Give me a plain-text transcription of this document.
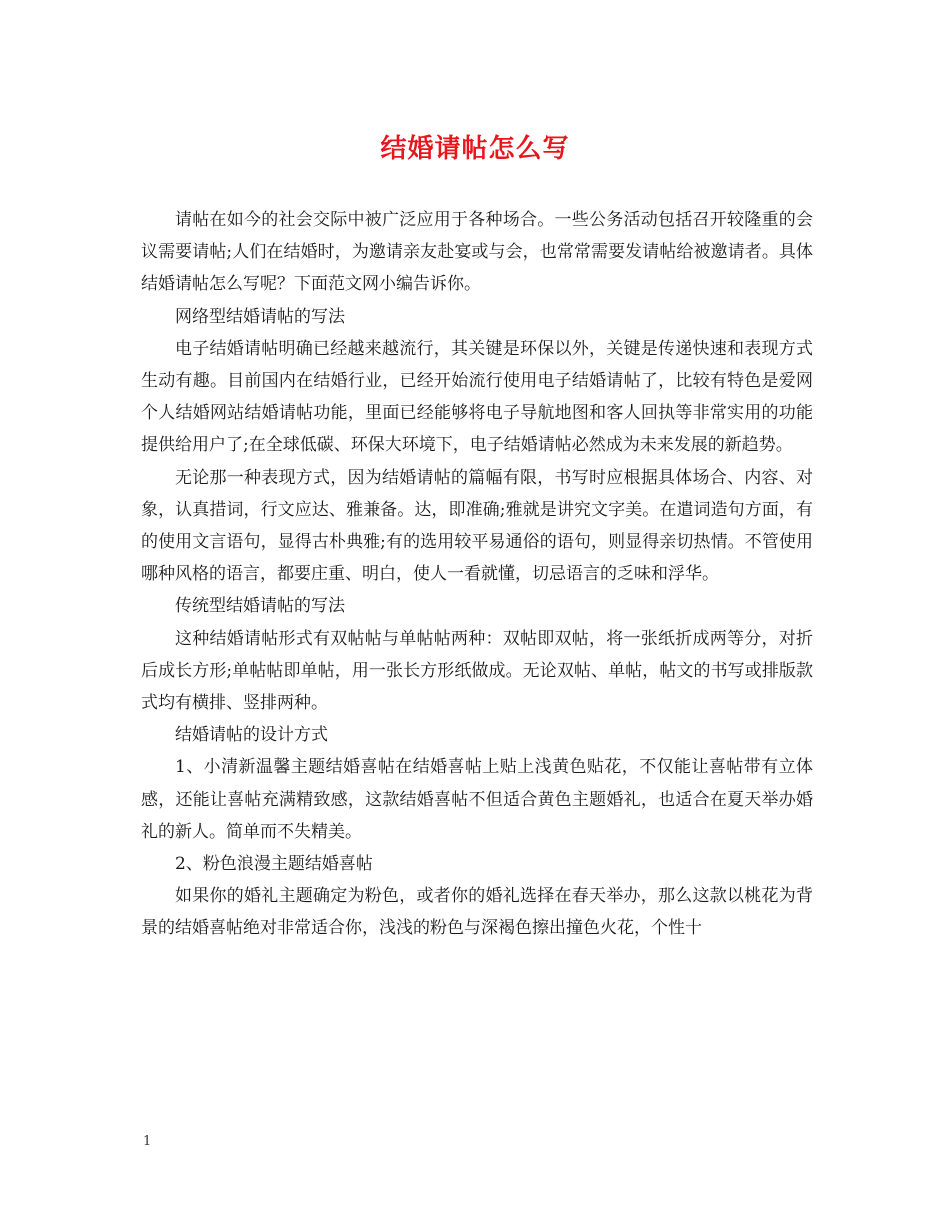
结婚请帖怎么写

请帖在如今的社会交际中被广泛应用于各种场合。一些公务活动包括召开较隆重的会议需要请帖;人们在结婚时，为邀请亲友赴宴或与会，也常常需要发请帖给被邀请者。具体结婚请帖怎么写呢？下面范文网小编告诉你。

网络型结婚请帖的写法

电子结婚请帖明确已经越来越流行，其关键是环保以外，关键是传递快速和表现方式生动有趣。目前国内在结婚行业，已经开始流行使用电子结婚请帖了，比较有特色是爱网个人结婚网站结婚请帖功能，里面已经能够将电子导航地图和客人回执等非常实用的功能提供给用户了;在全球低碳、环保大环境下，电子结婚请帖必然成为未来发展的新趋势。

无论那一种表现方式，因为结婚请帖的篇幅有限，书写时应根据具体场合、内容、对象，认真措词，行文应达、雅兼备。达，即准确;雅就是讲究文字美。在遣词造句方面，有的使用文言语句，显得古朴典雅;有的选用较平易通俗的语句，则显得亲切热情。不管使用哪种风格的语言，都要庄重、明白，使人一看就懂，切忌语言的乏味和浮华。

传统型结婚请帖的写法

这种结婚请帖形式有双帖帖与单帖帖两种：双帖即双帖，将一张纸折成两等分，对折后成长方形;单帖帖即单帖，用一张长方形纸做成。无论双帖、单帖，帖文的书写或排版款式均有横排、竖排两种。

结婚请帖的设计方式

1、小清新温馨主题结婚喜帖在结婚喜帖上贴上浅黄色贴花，不仅能让喜帖带有立体感，还能让喜帖充满精致感，这款结婚喜帖不但适合黄色主题婚礼，也适合在夏天举办婚礼的新人。简单而不失精美。

2、粉色浪漫主题结婚喜帖

如果你的婚礼主题确定为粉色，或者你的婚礼选择在春天举办，那么这款以桃花为背景的结婚喜帖绝对非常适合你，浅浅的粉色与深褐色擦出撞色火花，个性十

1
